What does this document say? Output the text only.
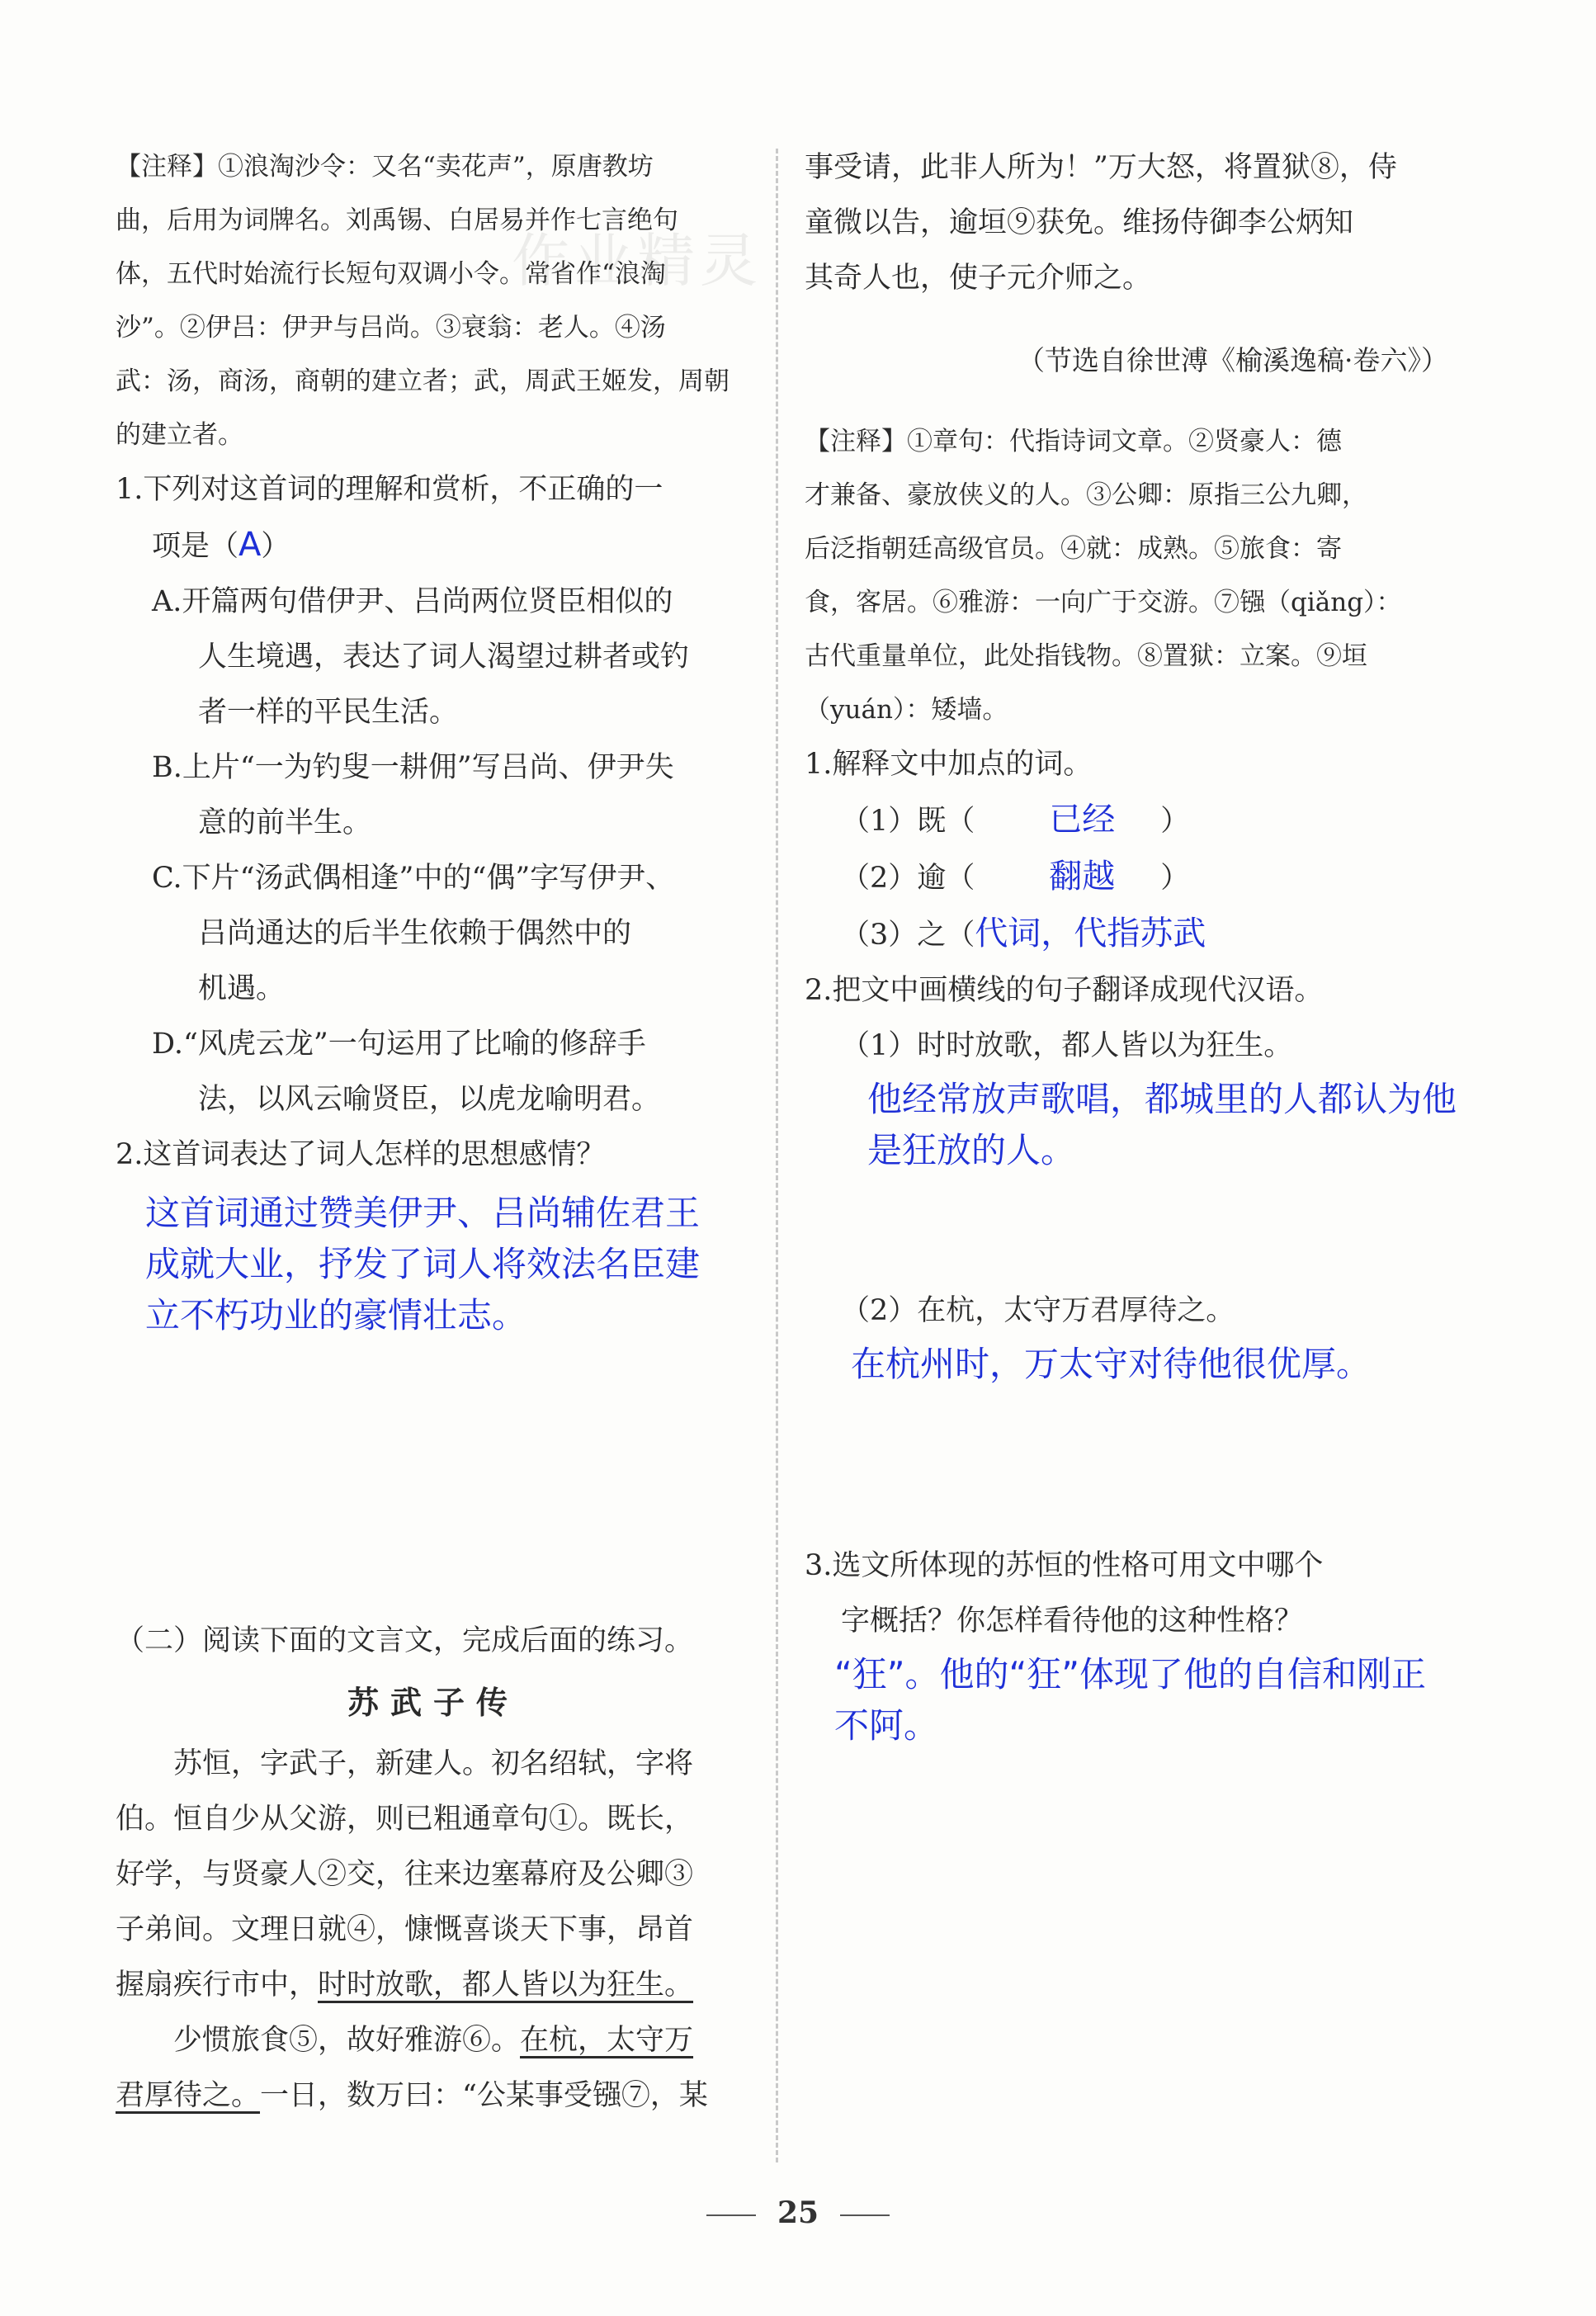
作业精灵

【注释】①浪淘沙令：又名“卖花声”，原唐教坊

曲，后用为词牌名。刘禹锡、白居易并作七言绝句

体，五代时始流行长短句双调小令。常省作“浪淘

沙”。②伊吕：伊尹与吕尚。③衰翁：老人。④汤

武：汤，商汤，商朝的建立者；武，周武王姬发，周朝

的建立者。

1.下列对这首词的理解和赏析，不正确的一

项是（A）

A.开篇两句借伊尹、吕尚两位贤臣相似的

人生境遇，表达了词人渴望过耕者或钓

者一样的平民生活。

B.上片“一为钓叟一耕佣”写吕尚、伊尹失

意的前半生。

C.下片“汤武偶相逢”中的“偶”字写伊尹、

吕尚通达的后半生依赖于偶然中的

机遇。

D.“风虎云龙”一句运用了比喻的修辞手

法，以风云喻贤臣，以虎龙喻明君。

2.这首词表达了词人怎样的思想感情？

这首词通过赞美伊尹、吕尚辅佐君王

成就大业，抒发了词人将效法名臣建

立不朽功业的豪情壮志。

（二）阅读下面的文言文，完成后面的练习。

苏武子传

苏恒，字武子，新建人。初名绍轼，字将

伯。恒自少从父游，则已粗通章句①。既长，

好学，与贤豪人②交，往来边塞幕府及公卿③

子弟间。文理日就④，慷慨喜谈天下事，昂首

握扇疾行市中，时时放歌，都人皆以为狂生。

少惯旅食⑤，故好雅游⑥。在杭，太守万

君厚待之。一日，数万曰：“公某事受镪⑦，某

事受请，此非人所为！”万大怒，将置狱⑧，侍

童微以告，逾垣⑨获免。维扬侍御李公炳知

其奇人也，使子元介师之。

（节选自徐世溥《榆溪逸稿·卷六》）

【注释】①章句：代指诗词文章。②贤豪人：德

才兼备、豪放侠义的人。③公卿：原指三公九卿，

后泛指朝廷高级官员。④就：成熟。⑤旅食：寄

食，客居。⑥雅游：一向广于交游。⑦镪（qiǎng）：

古代重量单位，此处指钱物。⑧置狱：立案。⑨垣

（yuán）：矮墙。

1.解释文中加点的词。

（1）既（ 已经 ）

（2）逾（ 翻越 ）

（3）之（代词，代指苏武

2.把文中画横线的句子翻译成现代汉语。

（1）时时放歌，都人皆以为狂生。

他经常放声歌唱，都城里的人都认为他

是狂放的人。

（2）在杭，太守万君厚待之。

在杭州时，万太守对待他很优厚。

3.选文所体现的苏恒的性格可用文中哪个

字概括？你怎样看待他的这种性格？

“狂”。他的“狂”体现了他的自信和刚正

不阿。

25
